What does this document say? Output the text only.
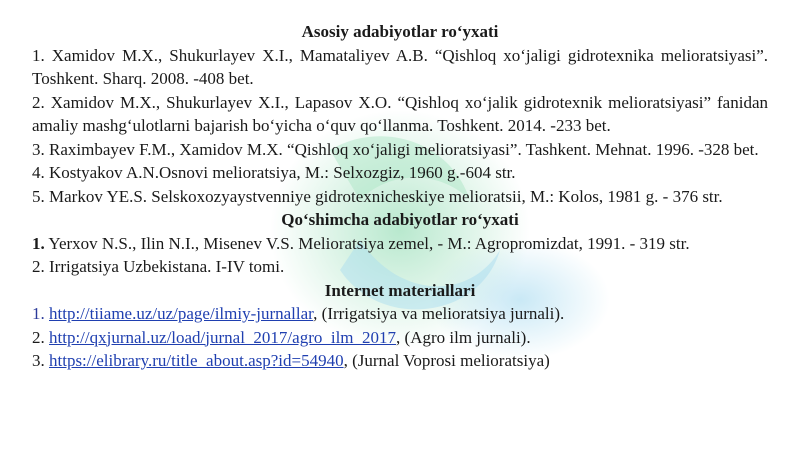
Asosiy adabiyotlar ro‘yxati

1. Xamidov M.X., Shukurlayev X.I., Mamataliyev A.B. “Qishloq xo‘jaligi gidrotexnika melioratsiyasi”. Toshkent. Sharq. 2008. -408 bet.

2. Xamidov M.X., Shukurlayev X.I., Lapasov X.O. “Qishloq xo‘jalik gidrotexnik melioratsiyasi” fanidan amaliy mashg‘ulotlarni bajarish bo‘yicha o‘quv qo‘llanma. Toshkent. 2014. -233 bet.

3. Raximbayev F.M., Xamidov M.X. “Qishloq xo‘jaligi melioratsiyasi”. Tashkent. Mehnat. 1996. -328 bet.

4. Kostyakov A.N.Osnovi melioratsiya, M.: Selxozgiz, 1960 g.-604 str.

5. Markov YE.S. Selskoxozyaystvenniye gidrotexnicheskiye melioratsii, M.: Kolos, 1981 g. - 376 str.

Qo‘shimcha adabiyotlar ro‘yxati

1. Yerxov N.S., Ilin N.I., Misenev V.S. Melioratsiya zemel, - M.: Agropromizdat, 1991. - 319 str.

2. Irrigatsiya Uzbekistana. I-IV tomi.

Internet materiallari

1. http://tiiame.uz/uz/page/ilmiy-jurnallar, (Irrigatsiya va melioratsiya jurnali).

2. http://qxjurnal.uz/load/jurnal_2017/agro_ilm_2017, (Agro ilm jurnali).

3. https://elibrary.ru/title_about.asp?id=54940, (Jurnal Voprosi melioratsiya)
